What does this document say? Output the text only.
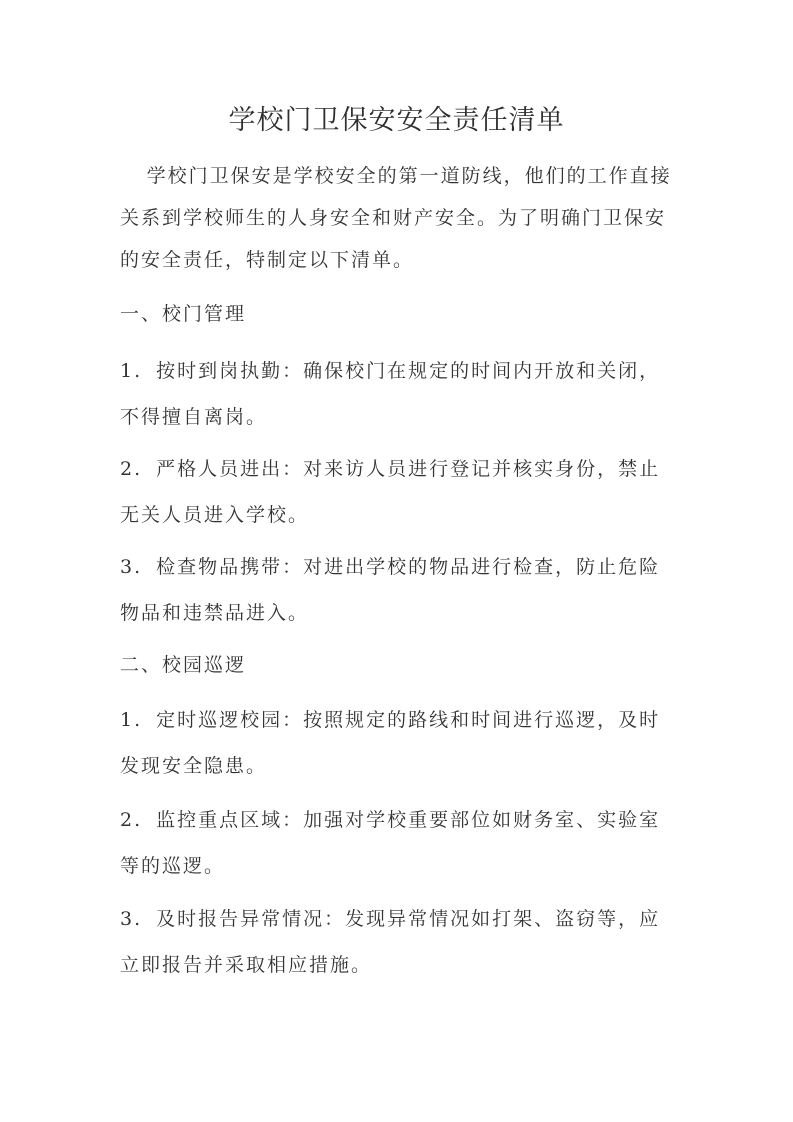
学校门卫保安安全责任清单

学校门卫保安是学校安全的第一道防线，他们的工作直接关系到学校师生的人身安全和财产安全。为了明确门卫保安的安全责任，特制定以下清单。

一、校门管理

1. 按时到岗执勤：确保校门在规定的时间内开放和关闭，不得擅自离岗。

2. 严格人员进出：对来访人员进行登记并核实身份，禁止无关人员进入学校。

3. 检查物品携带：对进出学校的物品进行检查，防止危险物品和违禁品进入。

二、校园巡逻

1. 定时巡逻校园：按照规定的路线和时间进行巡逻，及时发现安全隐患。

2. 监控重点区域：加强对学校重要部位如财务室、实验室等的巡逻。

3. 及时报告异常情况：发现异常情况如打架、盗窃等，应立即报告并采取相应措施。
